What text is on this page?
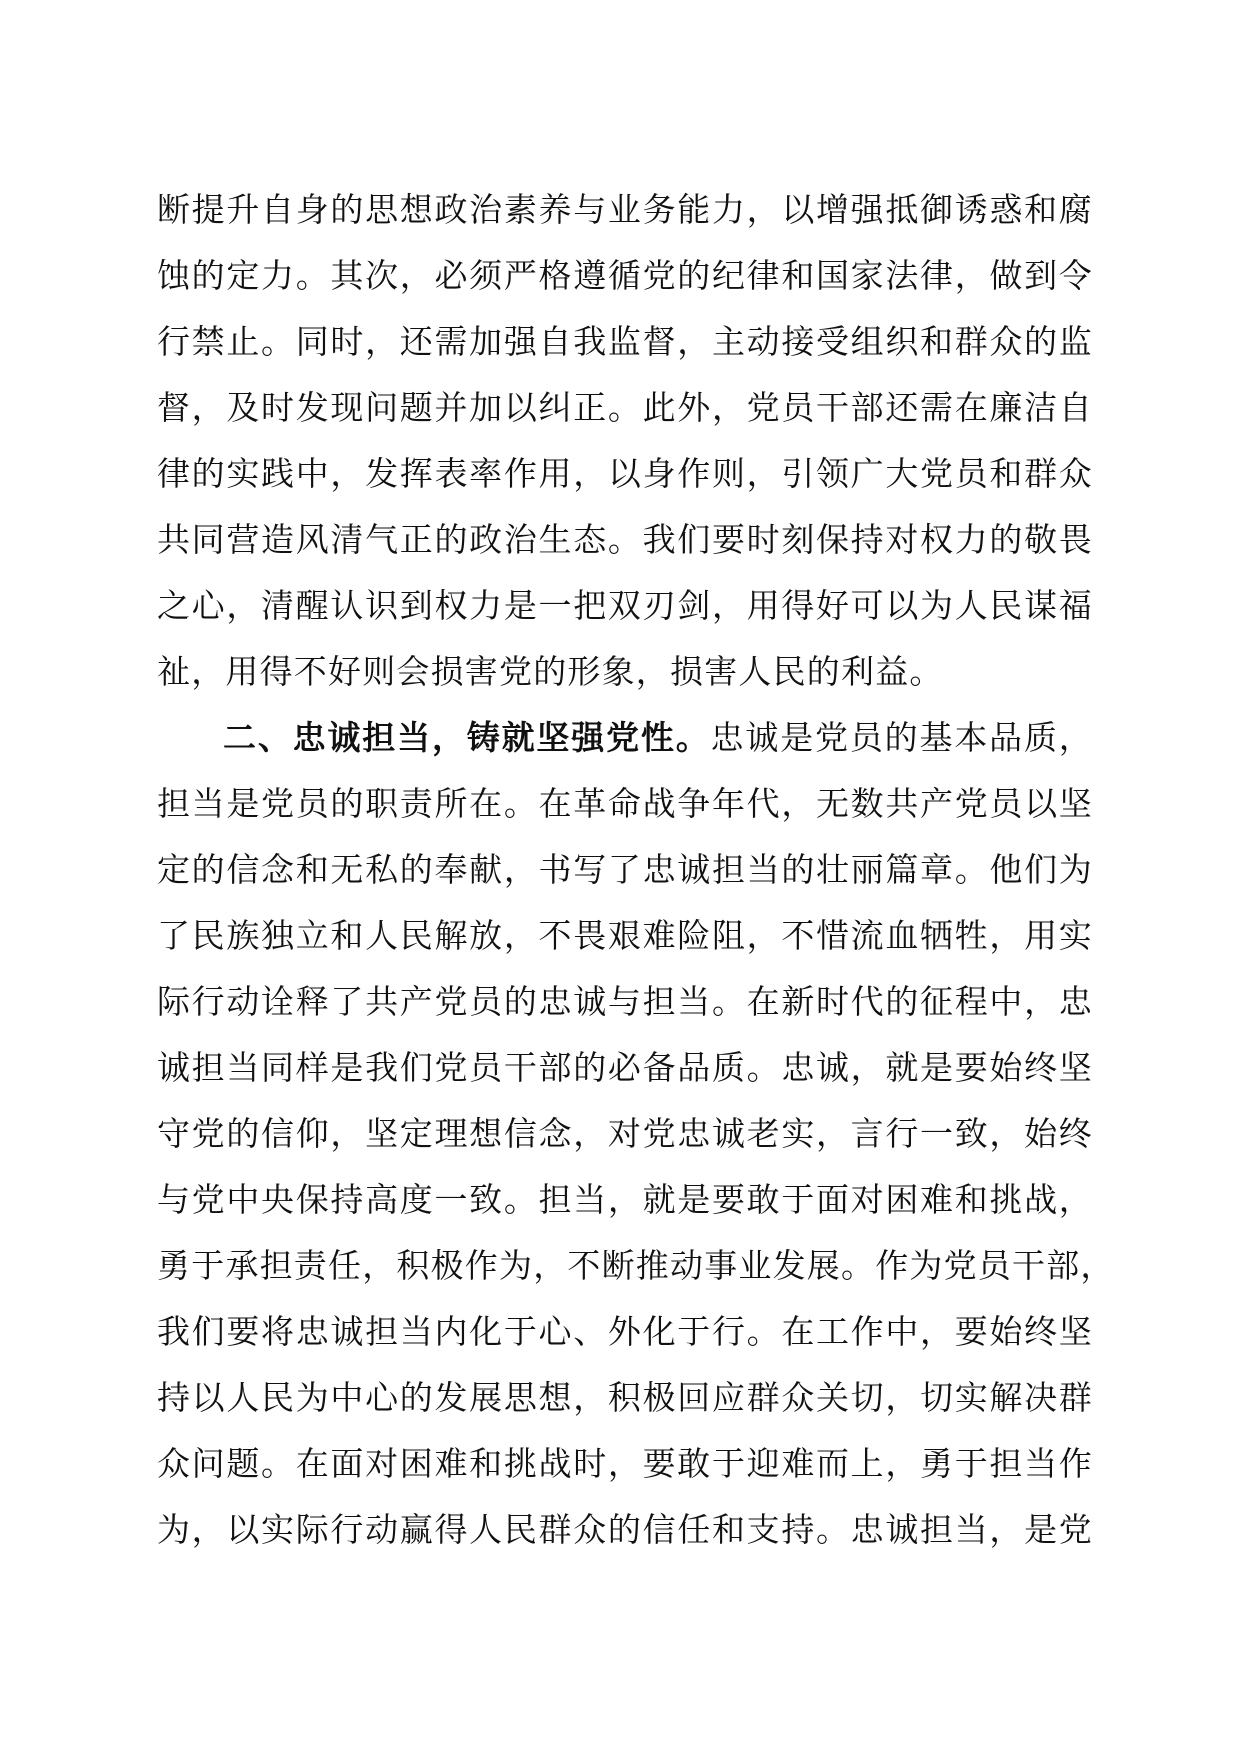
断提升自身的思想政治素养与业务能力，以增强抵御诱惑和腐
蚀的定力。其次，必须严格遵循党的纪律和国家法律，做到令
行禁止。同时，还需加强自我监督，主动接受组织和群众的监
督，及时发现问题并加以纠正。此外，党员干部还需在廉洁自
律的实践中，发挥表率作用，以身作则，引领广大党员和群众
共同营造风清气正的政治生态。我们要时刻保持对权力的敬畏
之心，清醒认识到权力是一把双刃剑，用得好可以为人民谋福
祉，用得不好则会损害党的形象，损害人民的利益。
二、忠诚担当，铸就坚强党性。忠诚是党员的基本品质，
担当是党员的职责所在。在革命战争年代，无数共产党员以坚
定的信念和无私的奉献，书写了忠诚担当的壮丽篇章。他们为
了民族独立和人民解放，不畏艰难险阻，不惜流血牺牲，用实
际行动诠释了共产党员的忠诚与担当。在新时代的征程中，忠
诚担当同样是我们党员干部的必备品质。忠诚，就是要始终坚
守党的信仰，坚定理想信念，对党忠诚老实，言行一致，始终
与党中央保持高度一致。担当，就是要敢于面对困难和挑战，
勇于承担责任，积极作为，不断推动事业发展。作为党员干部，
我们要将忠诚担当内化于心、外化于行。在工作中，要始终坚
持以人民为中心的发展思想，积极回应群众关切，切实解决群
众问题。在面对困难和挑战时，要敢于迎难而上，勇于担当作
为，以实际行动赢得人民群众的信任和支持。忠诚担当，是党
